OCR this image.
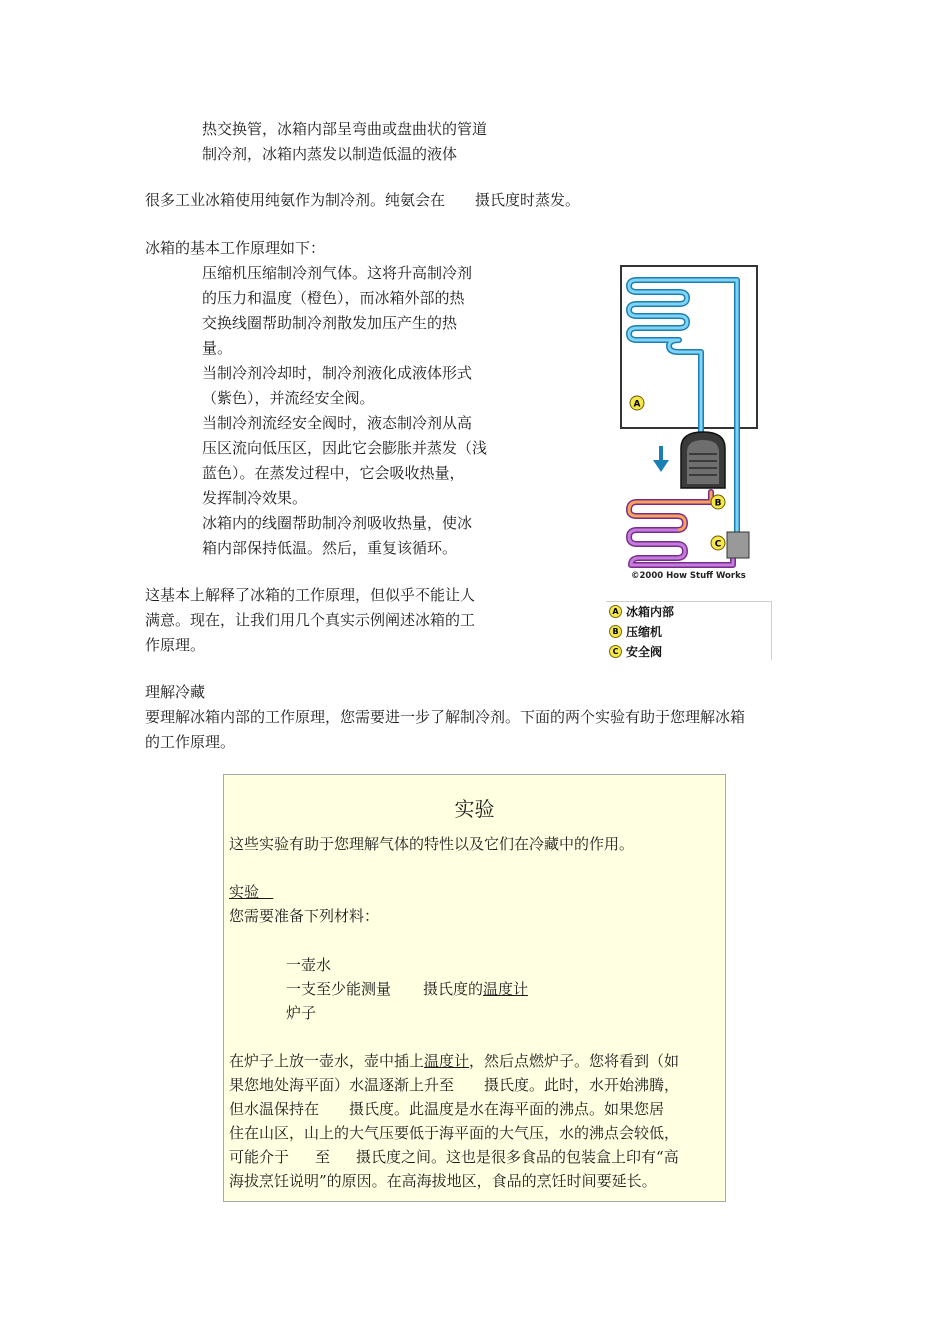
热交换管，冰箱内部呈弯曲或盘曲状的管道
制冷剂，冰箱内蒸发以制造低温的液体
很多工业冰箱使用纯氨作为制冷剂。纯氨会在 摄氏度时蒸发。
冰箱的基本工作原理如下：
压缩机压缩制冷剂气体。这将升高制冷剂
的压力和温度（橙色），而冰箱外部的热
交换线圈帮助制冷剂散发加压产生的热
量。
当制冷剂冷却时，制冷剂液化成液体形式
（紫色），并流经安全阀。
当制冷剂流经安全阀时，液态制冷剂从高
压区流向低压区，因此它会膨胀并蒸发（浅
蓝色）。在蒸发过程中，它会吸收热量，
发挥制冷效果。
冰箱内的线圈帮助制冷剂吸收热量，使冰
箱内部保持低温。然后，重复该循环。
这基本上解释了冰箱的工作原理，但似乎不能让人
满意。现在，让我们用几个真实示例阐述冰箱的工
作原理。
A
B
C
©2000 How Stuff Works
A 冰箱内部
B 压缩机
C 安全阀
理解冷藏
要理解冰箱内部的工作原理，您需要进一步了解制冷剂。下面的两个实验有助于您理解冰箱
的工作原理。
实验
这些实验有助于您理解气体的特性以及它们在冷藏中的作用。
实验
您需要准备下列材料：
一壶水
一支至少能测量 摄氏度的温度计
炉子
在炉子上放一壶水，壶中插上温度计，然后点燃炉子。您将看到（如
果您地处海平面）水温逐渐上升至 摄氏度。此时，水开始沸腾，
但水温保持在 摄氏度。此温度是水在海平面的沸点。如果您居
住在山区，山上的大气压要低于海平面的大气压，水的沸点会较低，
可能介于 至 摄氏度之间。这也是很多食品的包装盒上印有“高
海拔烹饪说明”的原因。在高海拔地区，食品的烹饪时间要延长。
